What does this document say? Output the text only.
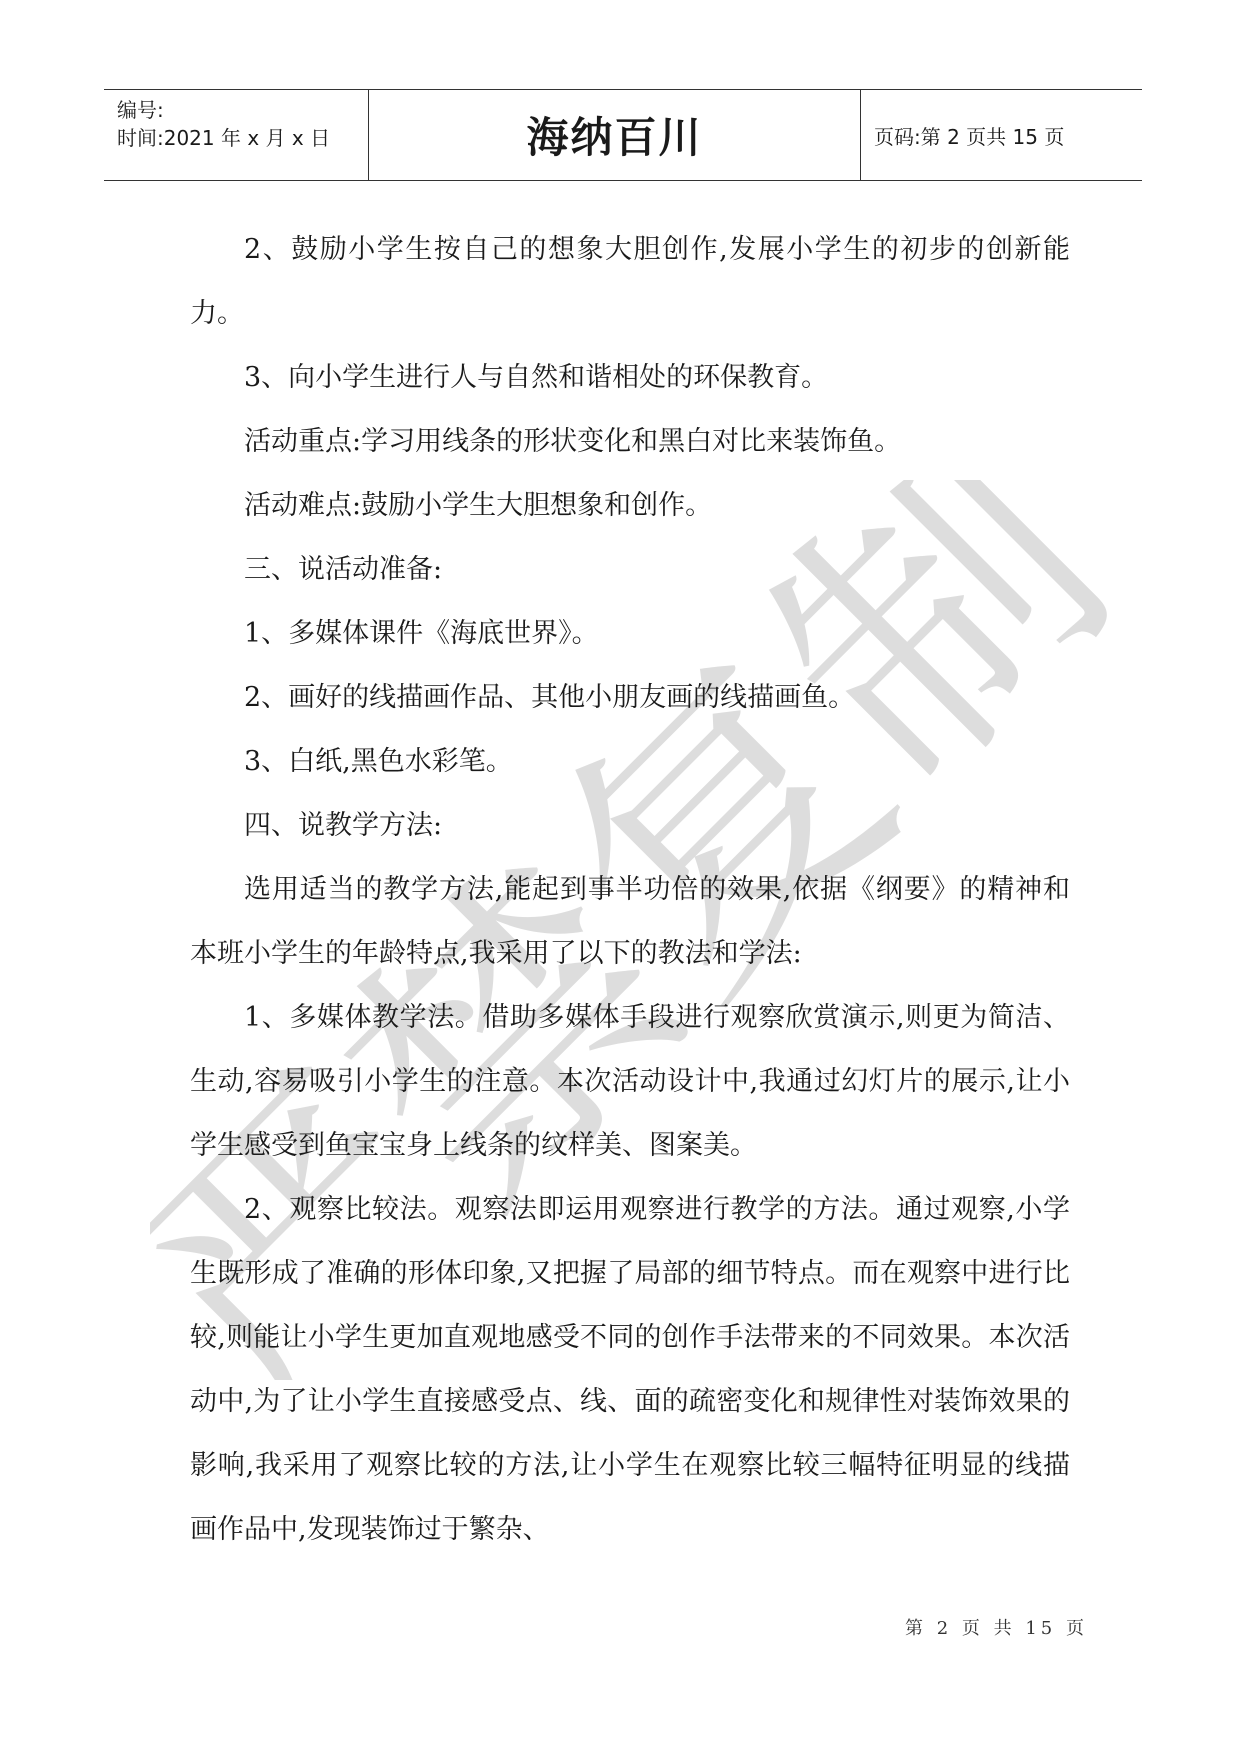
编号:
时间:2021 年 x 月 x 日	海纳百川	页码:第 2 页共 15 页
严禁复制

2、鼓励小学生按自己的想象大胆创作,发展小学生的初步的创新能力。

3、向小学生进行人与自然和谐相处的环保教育。

活动重点:学习用线条的形状变化和黑白对比来装饰鱼。

活动难点:鼓励小学生大胆想象和创作。

三、说活动准备:

1、多媒体课件《海底世界》。

2、画好的线描画作品、其他小朋友画的线描画鱼。

3、白纸,黑色水彩笔。

四、说教学方法:

选用适当的教学方法,能起到事半功倍的效果,依据《纲要》的精神和本班小学生的年龄特点,我采用了以下的教法和学法:

1、多媒体教学法。借助多媒体手段进行观察欣赏演示,则更为简洁、生动,容易吸引小学生的注意。本次活动设计中,我通过幻灯片的展示,让小学生感受到鱼宝宝身上线条的纹样美、图案美。

2、观察比较法。观察法即运用观察进行教学的方法。通过观察,小学生既形成了准确的形体印象,又把握了局部的细节特点。而在观察中进行比较,则能让小学生更加直观地感受不同的创作手法带来的不同效果。本次活动中,为了让小学生直接感受点、线、面的疏密变化和规律性对装饰效果的影响,我采用了观察比较的方法,让小学生在观察比较三幅特征明显的线描画作品中,发现装饰过于繁杂、

第 2 页 共 15 页
